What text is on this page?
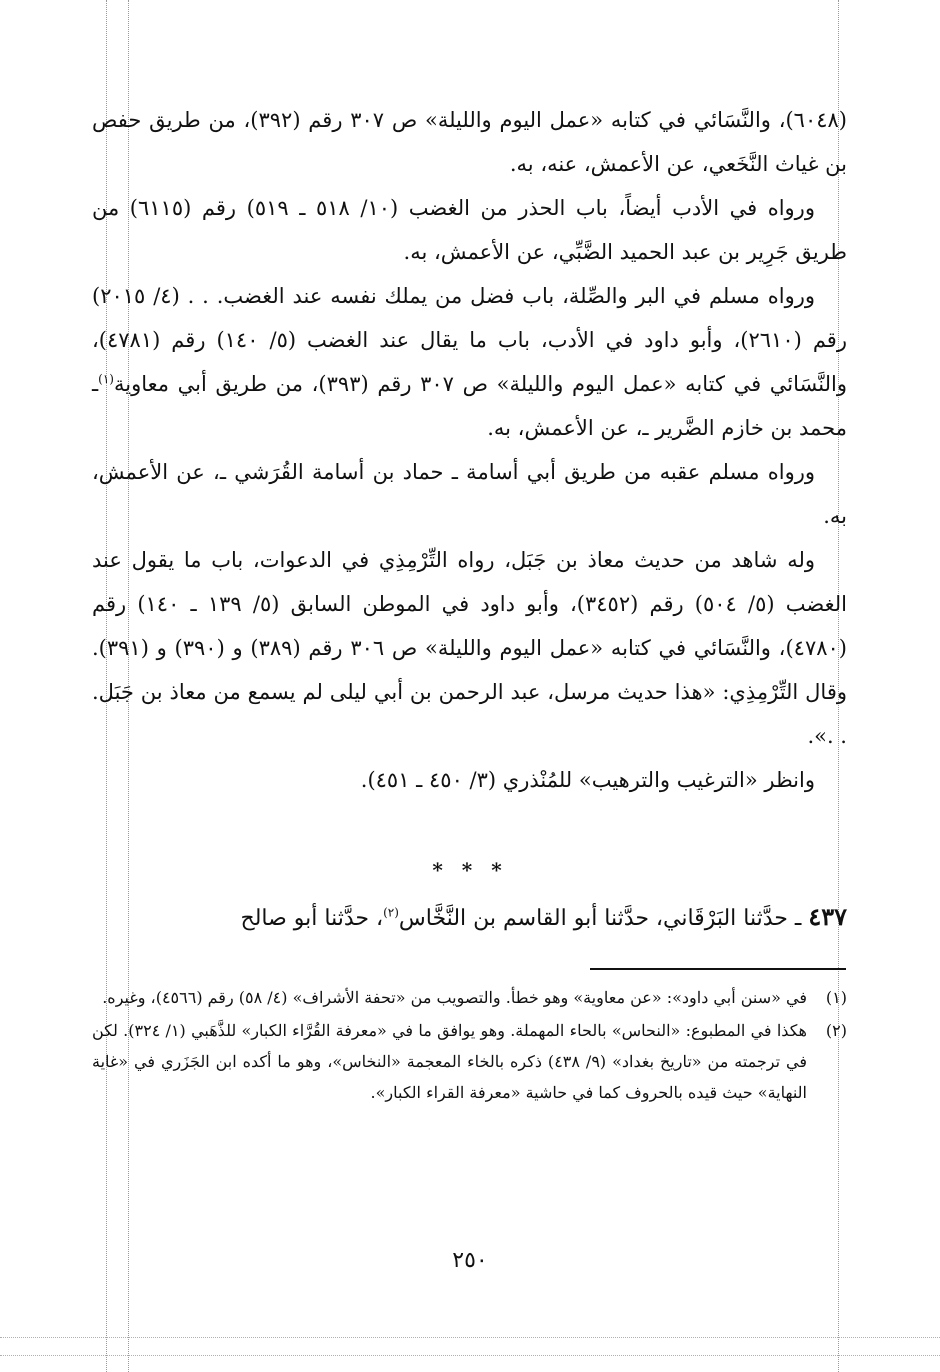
(٦٠٤٨)، والنَّسَائي في كتابه «عمل اليوم والليلة» ص ٣٠٧ رقم (٣٩٢)، من طريق حفص بن غياث النَّخَعي، عن الأعمش، عنه، به.

ورواه في الأدب أيضاً، باب الحذر من الغضب (١٠/ ٥١٨ ـ ٥١٩) رقم (٦١١٥) من طريق جَرِير بن عبد الحميد الضَّبِّي، عن الأعمش، به.

ورواه مسلم في البر والصِّلة، باب فضل من يملك نفسه عند الغضب. . . (٤/ ٢٠١٥) رقم (٢٦١٠)، وأبو داود في الأدب، باب ما يقال عند الغضب (٥/ ١٤٠) رقم (٤٧٨١)، والنَّسَائي في كتابه «عمل اليوم والليلة» ص ٣٠٧ رقم (٣٩٣)، من طريق أبي معاوية$^{(١)}$ـ محمد بن خازم الضَّرير ـ، عن الأعمش، به.

ورواه مسلم عقبه من طريق أبي أسامة ـ حماد بن أسامة القُرَشي ـ، عن الأعمش، به.

وله شاهد من حديث معاذ بن جَبَل، رواه التِّرْمِذِي في الدعوات، باب ما يقول عند الغضب (٥/ ٥٠٤) رقم (٣٤٥٢)، وأبو داود في الموطن السابق (٥/ ١٣٩ ـ ١٤٠) رقم (٤٧٨٠)، والنَّسَائي في كتابه «عمل اليوم والليلة» ص ٣٠٦ رقم (٣٨٩) و (٣٩٠) و (٣٩١). وقال التِّرْمِذِي: «هذا حديث مرسل، عبد الرحمن بن أبي ليلى لم يسمع من معاذ بن جَبَل. . .».

وانظر «الترغيب والترهيب» للمُنْذري (٣/ ٤٥٠ ـ ٤٥١).

* * *
٤٣٧ ـ حدَّثنا البَرْقَاني، حدَّثنا أبو القاسم بن النَّخَّاس$^{(٢)}$، حدَّثنا أبو صالح
(١)
في «سنن أبي داود»: «عن معاوية» وهو خطأ. والتصويب من «تحفة الأشراف» (٤/ ٥٨) رقم (٤٥٦٦)، وغيره.
(٢)
هكذا في المطبوع: «النحاس» بالحاء المهملة. وهو يوافق ما في «معرفة القُرَّاء الكبار» للذَّهَبي (١/ ٣٢٤). لكن في ترجمته من «تاريخ بغداد» (٩/ ٤٣٨) ذكره بالخاء المعجمة «النخاس»، وهو ما أكده ابن الجَزَري في «غاية النهاية» حيث قيده بالحروف كما في حاشية «معرفة القراء الكبار».
٢٥٠
